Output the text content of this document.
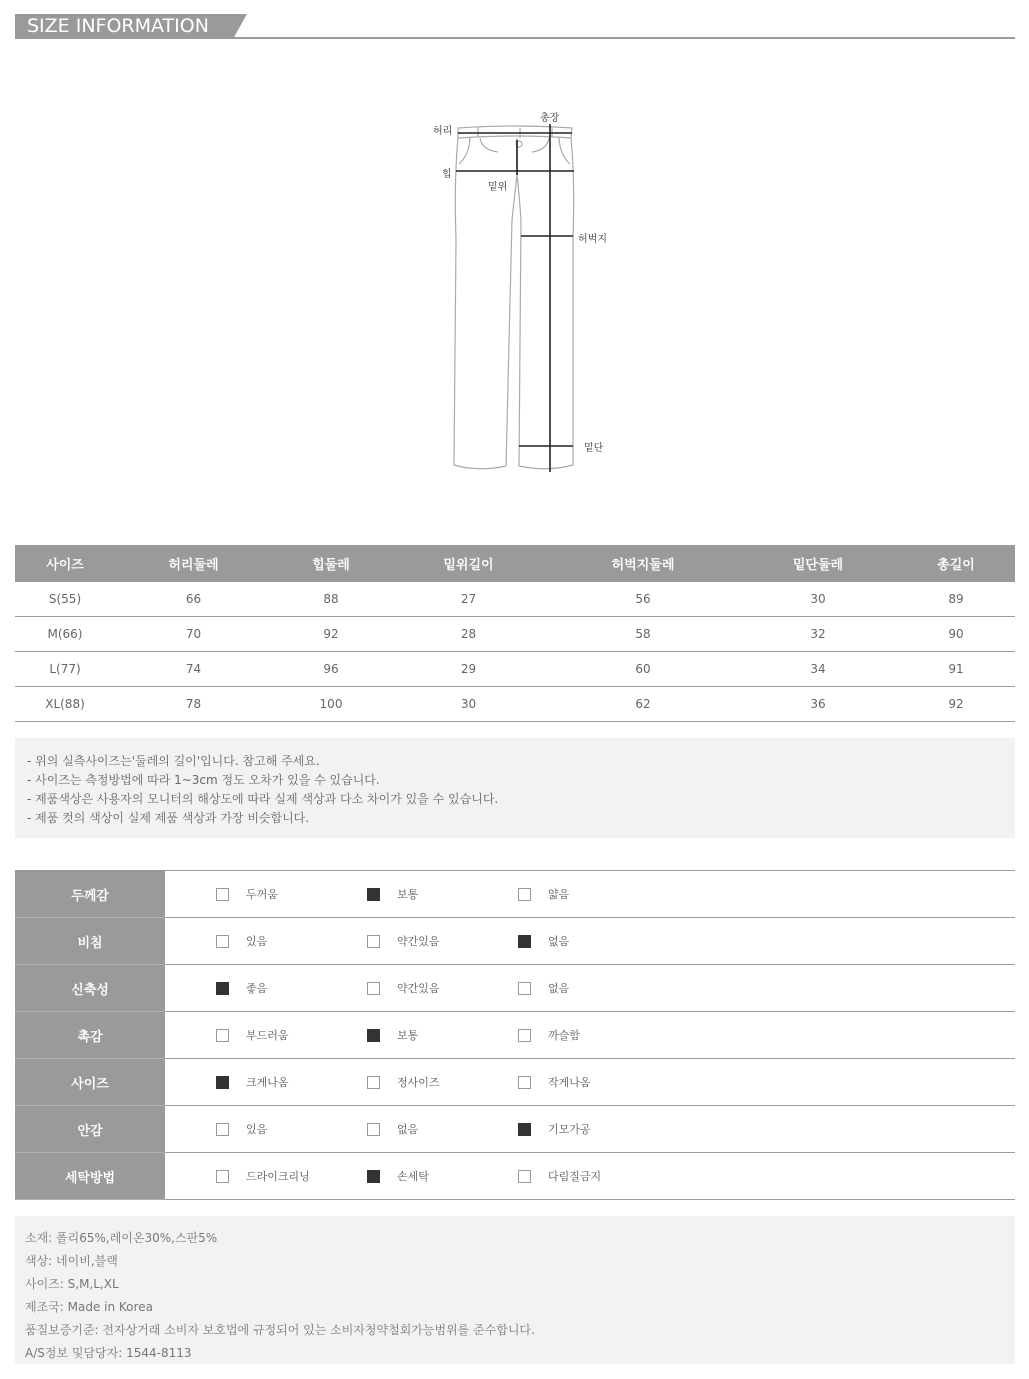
SIZE INFORMATION
허리
총장
힙
밑위
허벅지
밑단
사이즈	허리둘레	힙둘레	밑위길이	허벅지둘레	밑단둘레	총길이
S(55)	66	88	27	56	30	89
M(66)	70	92	28	58	32	90
L(77)	74	96	29	60	34	91
XL(88)	78	100	30	62	36	92
- 위의 실측사이즈는'둘레의 길이'입니다. 참고해 주세요.
- 사이즈는 측정방법에 따라 1~3cm 정도 오차가 있을 수 있습니다.
- 제품색상은 사용자의 모니터의 해상도에 따라 실제 색상과 다소 차이가 있을 수 있습니다.
- 제품 컷의 색상이 실제 제품 색상과 가장 비슷합니다.
두께감	두꺼움 보통 얇음

비침	있음 약간있음 없음

신축성	좋음 약간있음 없음

촉감	부드러움 보통 까슬함

사이즈	크게나옴 정사이즈 작게나옴

안감	있음 없음 기모가공

세탁방법	드라이크리닝 손세탁 다림질금지
소재: 폴리65%,레이온30%,스판5%
색상: 네이비,블랙
사이즈: S,M,L,XL
제조국: Made in Korea
품질보증기준: 전자상거래 소비자 보호법에 규정되어 있는 소비자청약철회가능범위를 준수합니다.
A/S정보 및담당자: 1544-8113
